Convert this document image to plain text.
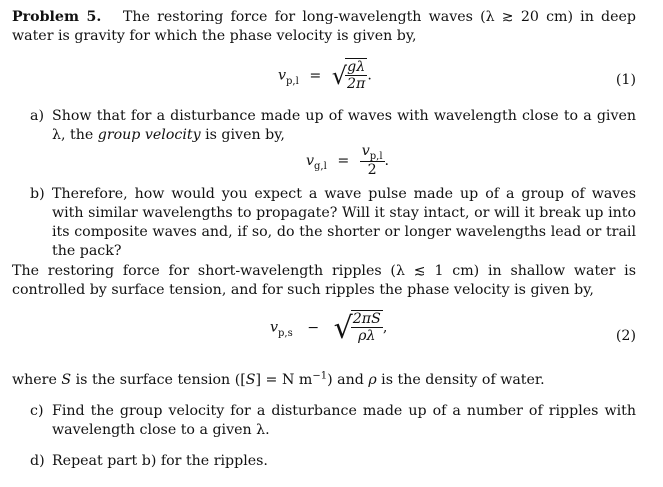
Problem 5. The restoring force for long-wavelength waves (λ ≳ 20 cm) in deep water is gravity for which the phase velocity is given by,
$v_{p,l}$ = √
$\frac{g\lambda}{2\pi}$ .	(1)
a) Show that for a disturbance made up of waves with wavelength close to a given λ, the group velocity is given by,
$v_{g,l} = \frac{v_{p,l}}{2}$ .
b) Therefore, how would you expect a wave pulse made up of a group of waves with similar wavelengths to propagate? Will it stay intact, or will it break up into its composite waves and, if so, do the shorter or longer wavelengths lead or trail the pack?
The restoring force for short-wavelength ripples (λ ≲ 1 cm) in shallow water is controlled by surface tension, and for such ripples the phase velocity is given by,
$v_{p,s}$ − √
$\frac{2\pi S}{\rho\lambda}$ ,
(2)
where S is the surface tension ([S] = N $m^{-1}$) and ρ is the density of water.
c) Find the group velocity for a disturbance made up of a number of ripples with wavelength close to a given λ.
d) Repeat part b) for the ripples.
